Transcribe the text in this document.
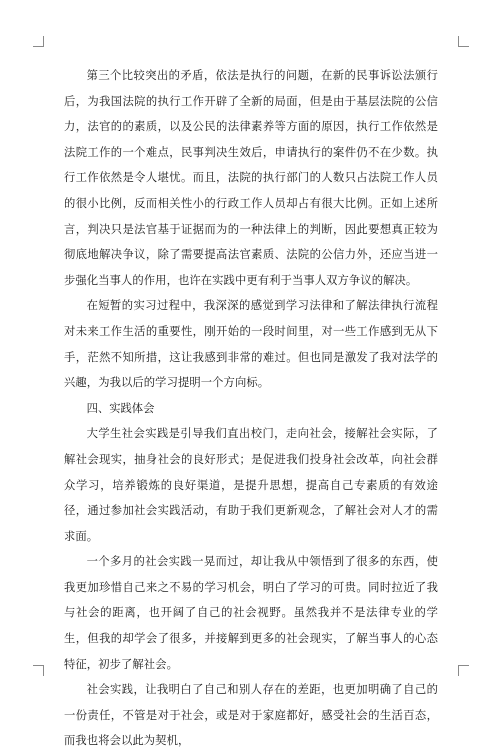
第三个比较突出的矛盾，依法是执行的问题，在新的民事诉讼法颁行后，为我国法院的执行工作开辟了全新的局面，但是由于基层法院的公信力，法官的的素质，以及公民的法律素养等方面的原因，执行工作依然是法院工作的一个难点，民事判决生效后，申请执行的案件仍不在少数。执行工作依然是令人堪忧。而且，法院的执行部门的人数只占法院工作人员的很小比例，反而相关性小的行政工作人员却占有很大比例。正如上述所言，判决只是法官基于证据而为的一种法律上的判断，因此要想真正较为彻底地解决争议，除了需要提高法官素质、法院的公信力外，还应当进一步强化当事人的作用，也许在实践中更有利于当事人双方争议的解决。

在短暂的实习过程中，我深深的感觉到学习法律和了解法律执行流程对未来工作生活的重要性，刚开始的一段时间里，对一些工作感到无从下手，茫然不知所措，这让我感到非常的难过。但也同是激发了我对法学的兴趣，为我以后的学习提明一个方向标。

四、实践体会

大学生社会实践是引导我们直出校门，走向社会，接解社会实际，了解社会现实，抽身社会的良好形式；是促进我们投身社会改革，向社会群众学习，培养锻炼的良好渠道，是提升思想，提高自己专素质的有效途径，通过参加社会实践活动，有助于我们更新观念，了解社会对人才的需求面。

一个多月的社会实践一晃而过，却让我从中领悟到了很多的东西，使我更加珍惜自己来之不易的学习机会，明白了学习的可贵。同时拉近了我与社会的距离，也开阔了自己的社会视野。虽然我并不是法律专业的学生，但我的却学会了很多，并接解到更多的社会现实，了解当事人的心态特征，初步了解社会。

社会实践，让我明白了自己和别人存在的差距，也更加明确了自己的一份责任，不管是对于社会，或是对于家庭都好，感受社会的生活百态，而我也将会以此为契机，
